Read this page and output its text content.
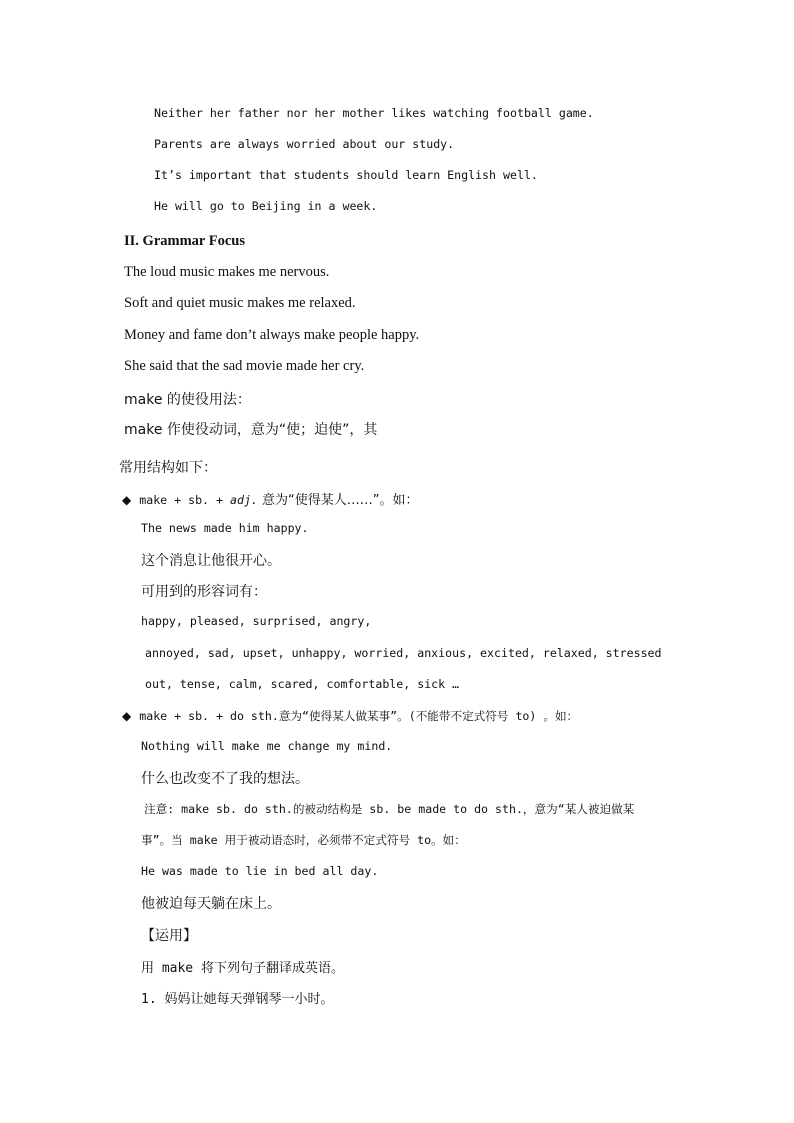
Neither her father nor her mother likes watching football game.
Parents are always worried about our study.
It’s important that students should learn English well.
He will go to Beijing in a week.
II. Grammar Focus
The loud music makes me nervous.
Soft and quiet music makes me relaxed.
Money and fame don’t always make people happy.
She said that the sad movie made her cry.
make 的使役用法：
make 作使役动词，意为“使；迫使”，其
常用结构如下：
◆ make + sb. + adj. 意为“使得某人……”。如：
The news made him happy.
这个消息让他很开心。
可用到的形容词有：
happy, pleased, surprised, angry,
annoyed, sad, upset, unhappy, worried, anxious, excited, relaxed, stressed
out, tense, calm, scared, comfortable, sick …
◆ make + sb. + do sth.意为“使得某人做某事”。(不能带不定式符号 to) 。如：
Nothing will make me change my mind.
什么也改变不了我的想法。
注意: make sb. do sth.的被动结构是 sb. be made to do sth.，意为“某人被迫做某
事”。当 make 用于被动语态时，必须带不定式符号 to。如：
He was made to lie in bed all day.
他被迫每天躺在床上。
【运用】
用 make 将下列句子翻译成英语。
1. 妈妈让她每天弹钢琴一小时。
